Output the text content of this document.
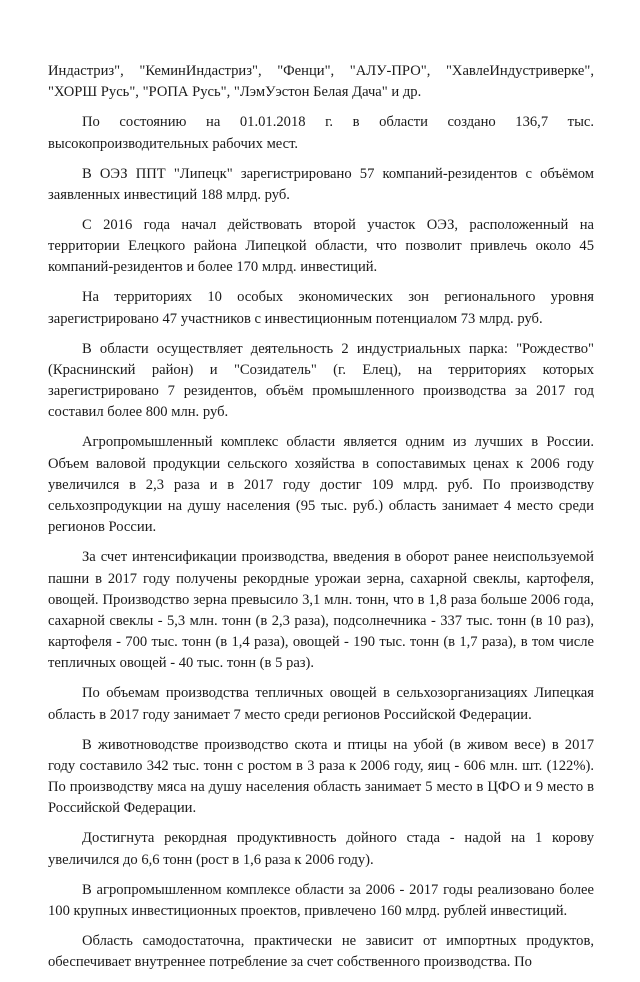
Индастриз", "КеминИндастриз", "Фенци", "АЛУ-ПРО", "ХавлеИндустриверке", "ХОРШ Русь", "РОПА Русь", "ЛэмУэстон Белая Дача" и др.

По состоянию на 01.01.2018 г. в области создано 136,7 тыс. высокопроизводительных рабочих мест.

В ОЭЗ ППТ "Липецк" зарегистрировано 57 компаний-резидентов с объёмом заявленных инвестиций 188 млрд. руб.

С 2016 года начал действовать второй участок ОЭЗ, расположенный на территории Елецкого района Липецкой области, что позволит привлечь около 45 компаний-резидентов и более 170 млрд. инвестиций.

На территориях 10 особых экономических зон регионального уровня зарегистрировано 47 участников с инвестиционным потенциалом 73 млрд. руб.

В области осуществляет деятельность 2 индустриальных парка: "Рождество" (Краснинский район) и "Созидатель" (г. Елец), на территориях которых зарегистрировано 7 резидентов, объём промышленного производства за 2017 год составил более 800 млн. руб.

Агропромышленный комплекс области является одним из лучших в России. Объем валовой продукции сельского хозяйства в сопоставимых ценах к 2006 году увеличился в 2,3 раза и в 2017 году достиг 109 млрд. руб. По производству сельхозпродукции на душу населения (95 тыс. руб.) область занимает 4 место среди регионов России.

За счет интенсификации производства, введения в оборот ранее неиспользуемой пашни в 2017 году получены рекордные урожаи зерна, сахарной свеклы, картофеля, овощей. Производство зерна превысило 3,1 млн. тонн, что в 1,8 раза больше 2006 года, сахарной свеклы - 5,3 млн. тонн (в 2,3 раза), подсолнечника - 337 тыс. тонн (в 10 раз), картофеля - 700 тыс. тонн (в 1,4 раза), овощей - 190 тыс. тонн (в 1,7 раза), в том числе тепличных овощей - 40 тыс. тонн (в 5 раз).

По объемам производства тепличных овощей в сельхозорганизациях Липецкая область в 2017 году занимает 7 место среди регионов Российской Федерации.

В животноводстве производство скота и птицы на убой (в живом весе) в 2017 году составило 342 тыс. тонн с ростом в 3 раза к 2006 году, яиц - 606 млн. шт. (122%). По производству мяса на душу населения область занимает 5 место в ЦФО и 9 место в Российской Федерации.

Достигнута рекордная продуктивность дойного стада - надой на 1 корову увеличился до 6,6 тонн (рост в 1,6 раза к 2006 году).

В агропромышленном комплексе области за 2006 - 2017 годы реализовано более 100 крупных инвестиционных проектов, привлечено 160 млрд. рублей инвестиций.

Область самодостаточна, практически не зависит от импортных продуктов, обеспечивает внутреннее потребление за счет собственного производства. По
